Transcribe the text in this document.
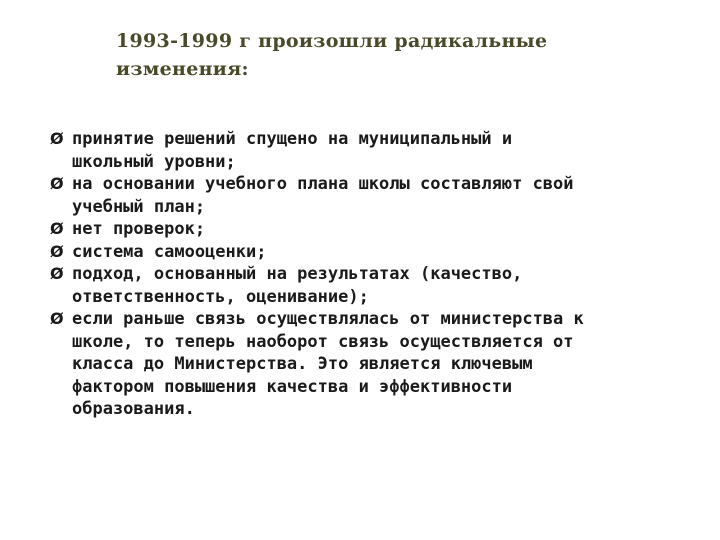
1993-1999 г произошли радикальные
изменения:
Ø принятие решений спущено на муниципальный и
школьный уровни;
Ø на основании учебного плана школы составляют свой
учебный план;
Ø нет проверок;
Ø система самооценки;
Ø подход, основанный на результатах (качество,
ответственность, оценивание);
Ø если раньше связь осуществлялась от министерства к
школе, то теперь наоборот связь осуществляется от
класса до Министерства. Это является ключевым
фактором повышения качества и эффективности
образования.
